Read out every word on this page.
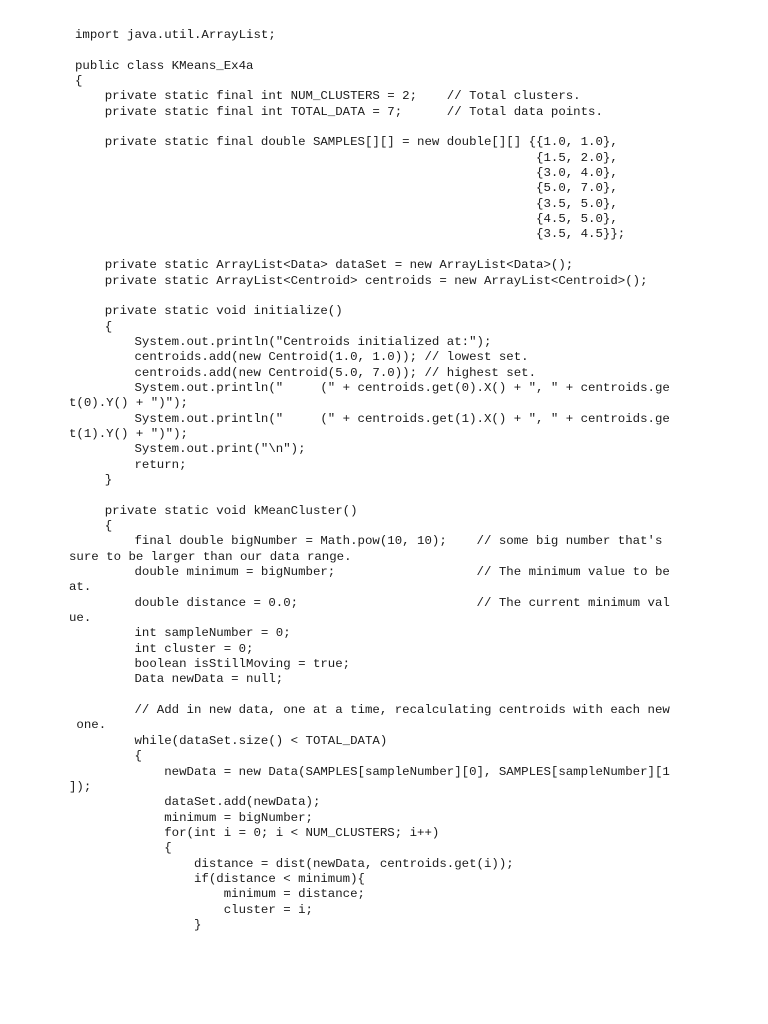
import java.util.ArrayList;

public class KMeans_Ex4a
{
private static final int NUM_CLUSTERS = 2;    // Total clusters.
private static final int TOTAL_DATA = 7;      // Total data points.

private static final double SAMPLES[][] = new double[][] {{1.0, 1.0},
{1.5, 2.0},
{3.0, 4.0},
{5.0, 7.0},
{3.5, 5.0},
{4.5, 5.0},
{3.5, 4.5}};

private static ArrayList<Data> dataSet = new ArrayList<Data>();
private static ArrayList<Centroid> centroids = new ArrayList<Centroid>();

private static void initialize()
{
System.out.println("Centroids initialized at:");
centroids.add(new Centroid(1.0, 1.0)); // lowest set.
centroids.add(new Centroid(5.0, 7.0)); // highest set.
System.out.println("     (" + centroids.get(0).X() + ", " + centroids.ge
t(0).Y() + ")");
System.out.println("     (" + centroids.get(1).X() + ", " + centroids.ge
t(1).Y() + ")");
System.out.print("\n");
return;
}

private static void kMeanCluster()
{
final double bigNumber = Math.pow(10, 10);    // some big number that's
sure to be larger than our data range.
double minimum = bigNumber;                   // The minimum value to be
at.
double distance = 0.0;                        // The current minimum val
ue.
int sampleNumber = 0;
int cluster = 0;
boolean isStillMoving = true;
Data newData = null;

// Add in new data, one at a time, recalculating centroids with each new
one.
while(dataSet.size() < TOTAL_DATA)
{
newData = new Data(SAMPLES[sampleNumber][0], SAMPLES[sampleNumber][1
]);
dataSet.add(newData);
minimum = bigNumber;
for(int i = 0; i < NUM_CLUSTERS; i++)
{
distance = dist(newData, centroids.get(i));
if(distance < minimum){
minimum = distance;
cluster = i;
}
